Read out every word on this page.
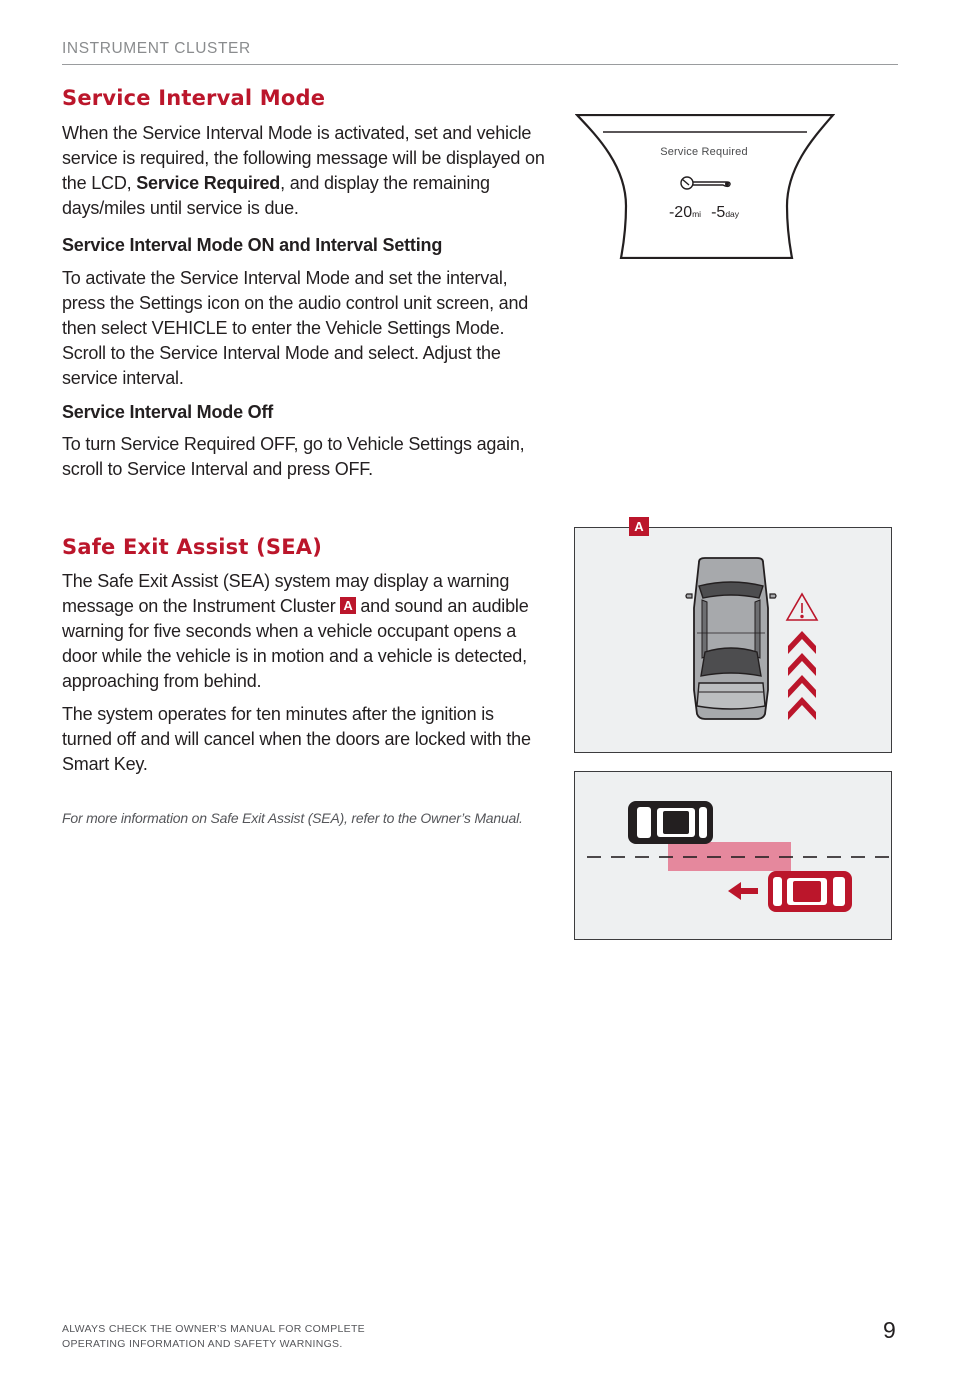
INSTRUMENT CLUSTER
Service Interval Mode
When the Service Interval Mode is activated, set and vehicle service is required, the following message will be displayed on the LCD, Service Required, and display the remaining days/miles until service is due.
Service Interval Mode ON and Interval Setting
To activate the Service Interval Mode and set the interval, press the Settings icon on the audio control unit screen, and then select VEHICLE to enter the Vehicle Settings Mode. Scroll to the Service Interval Mode and select. Adjust the service interval.
Service Interval Mode Off
To turn Service Required OFF, go to Vehicle Settings again, scroll to Service Interval and press OFF.
Service Required
-20mi -5day
Safe Exit Assist (SEA)
The Safe Exit Assist (SEA) system may display a warning message on the Instrument Cluster A and sound an audible warning for five seconds when a vehicle occupant opens a door while the vehicle is in motion and a vehicle is detected, approaching from behind.
The system operates for ten minutes after the ignition is turned off and will cancel when the doors are locked with the Smart Key.
For more information on Safe Exit Assist (SEA), refer to the Owner’s Manual.
A
ALWAYS CHECK THE OWNER’S MANUAL FOR COMPLETE
OPERATING INFORMATION AND SAFETY WARNINGS.
9
